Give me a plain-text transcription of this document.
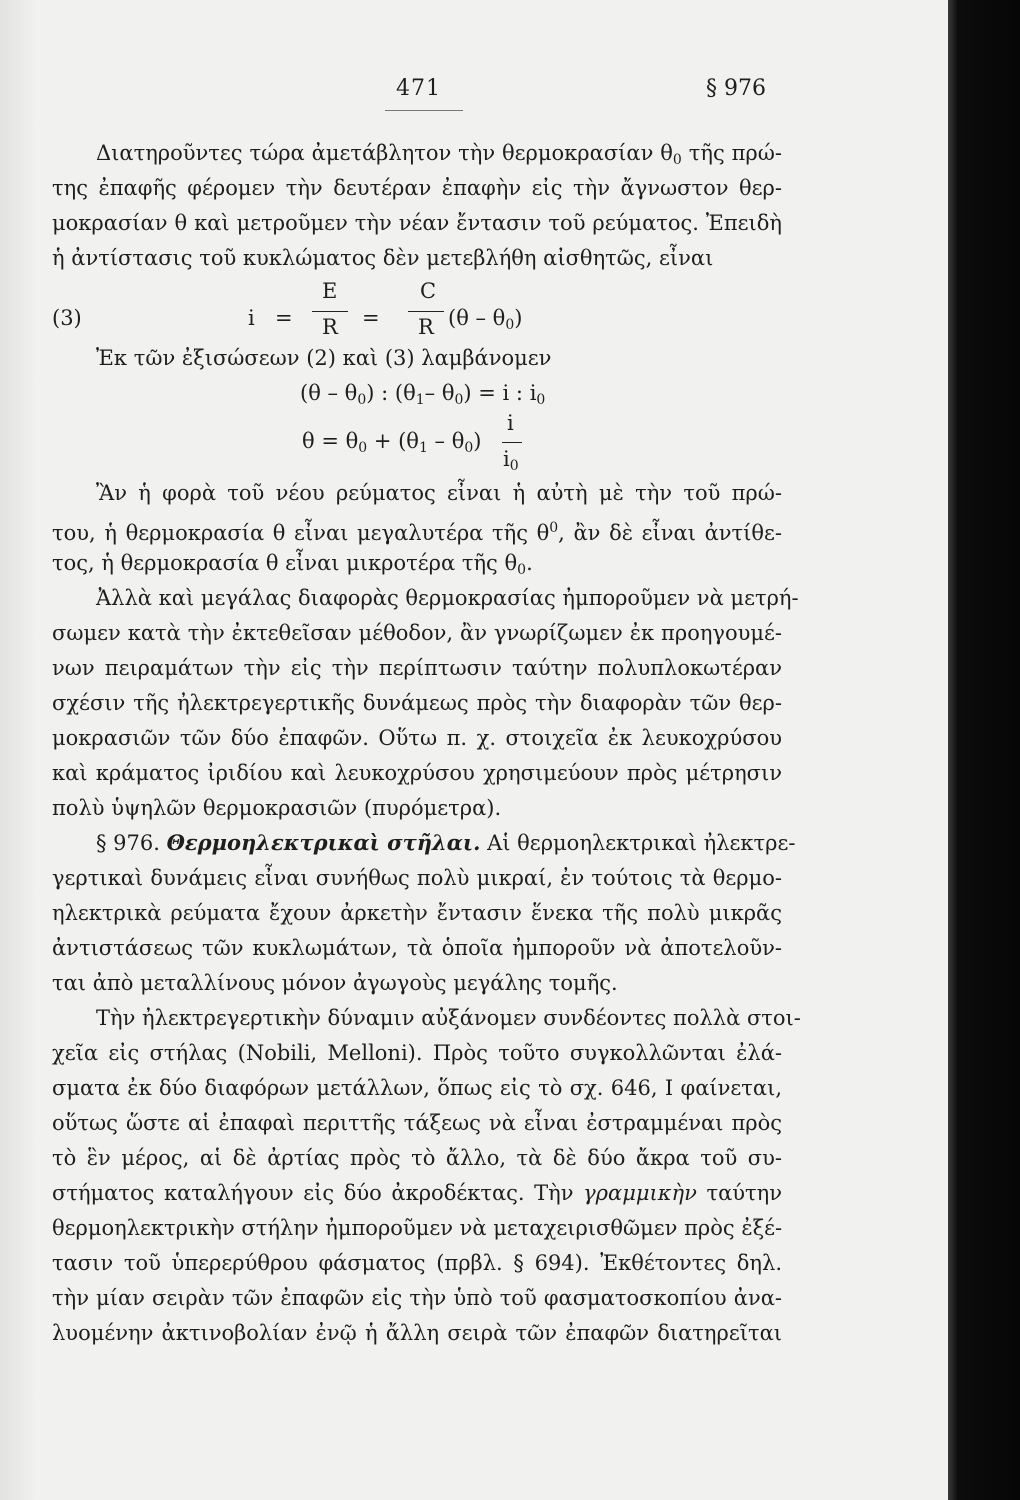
471	§ 976
Διατηροῦντες τώρα ἀμετάβλητον τὴν θερμοκρασίαν $\theta_0$ τῆς πρώ-
της ἐπαφῆς φέρομεν τὴν δευτέραν ἐπαφὴν εἰς τὴν ἄγνωστον θερ-
μοκρασίαν θ καὶ μετροῦμεν τὴν νέαν ἔντασιν τοῦ ρεύματος. Ἐπειδὴ
ἡ ἀντίστασις τοῦ κυκλώματος δὲν μετεβλήθη αἰσθητῶς, εἶναι
(3)	i =
E
R =
C
R $(\theta - \theta_0)$
Ἐκ τῶν ἐξισώσεων (2) καὶ (3) λαμβάνομεν
$(\theta - \theta_0)$ : ($\theta_1-$ $\theta_0) = i$ : $i_0$
$\theta = \theta_0 + (\theta_1 - \theta_0)$
i
$i_0$
Ἂν ἡ φορὰ τοῦ νέου ρεύματος εἶναι ἡ αὐτὴ μὲ τὴν τοῦ πρώ-
του, ἡ θερμοκρασία θ εἶναι μεγαλυτέρα τῆς $\theta^0$, ἂν δὲ εἶναι ἀντίθε-
τος, ἡ θερμοκρασία θ εἶναι μικροτέρα τῆς $\theta_0$.
Ἀλλὰ καὶ μεγάλας διαφορὰς θερμοκρασίας ἠμποροῦμεν νὰ μετρή-
σωμεν κατὰ τὴν ἐκτεθεῖσαν μέθοδον, ἂν γνωρίζωμεν ἐκ προηγουμέ-
νων πειραμάτων τὴν εἰς τὴν περίπτωσιν ταύτην πολυπλοκωτέραν
σχέσιν τῆς ἠλεκτρεγερτικῆς δυνάμεως πρὸς τὴν διαφορὰν τῶν θερ-
μοκρασιῶν τῶν δύο ἐπαφῶν. Οὕτω π. χ. στοιχεῖα ἐκ λευκοχρύσου
καὶ κράματος ἰριδίου καὶ λευκοχρύσου χρησιμεύουν πρὸς μέτρησιν
πολὺ ὑψηλῶν θερμοκρασιῶν (πυρόμετρα).
§ 976. Θερμοηλεκτρικαὶ στῆλαι. Αἱ θερμοηλεκτρικαὶ ἠλεκτρε-
γερτικαὶ δυνάμεις εἶναι συνήθως πολὺ μικραί, ἐν τούτοις τὰ θερμο-
ηλεκτρικὰ ρεύματα ἔχουν ἀρκετὴν ἔντασιν ἕνεκα τῆς πολὺ μικρᾶς
ἀντιστάσεως τῶν κυκλωμάτων, τὰ ὁποῖα ἠμποροῦν νὰ ἀποτελοῦν-
ται ἀπὸ μεταλλίνους μόνον ἀγωγοὺς μεγάλης τομῆς.
Τὴν ἠλεκτρεγερτικὴν δύναμιν αὐξάνομεν συνδέοντες πολλὰ στοι-
χεῖα εἰς στήλας (Nobili, Melloni). Πρὸς τοῦτο συγκολλῶνται ἐλά-
σματα ἐκ δύο διαφόρων μετάλλων, ὅπως εἰς τὸ σχ. 646, I φαίνεται,
οὕτως ὥστε αἱ ἐπαφαὶ περιττῆς τάξεως νὰ εἶναι ἐστραμμέναι πρὸς
τὸ ἓν μέρος, αἱ δὲ ἀρτίας πρὸς τὸ ἄλλο, τὰ δὲ δύο ἄκρα τοῦ συ-
στήματος καταλήγουν εἰς δύο ἀκροδέκτας. Τὴν γραμμικὴν ταύτην
θερμοηλεκτρικὴν στήλην ἠμποροῦμεν νὰ μεταχειρισθῶμεν πρὸς ἐξέ-
τασιν τοῦ ὑπερερύθρου φάσματος (πρβλ. § 694). Ἐκθέτοντες δηλ.
τὴν μίαν σειρὰν τῶν ἐπαφῶν εἰς τὴν ὑπὸ τοῦ φασματοσκοπίου ἀνα-
λυομένην ἀκτινοβολίαν ἐνῷ ἡ ἄλλη σειρὰ τῶν ἐπαφῶν διατηρεῖται
